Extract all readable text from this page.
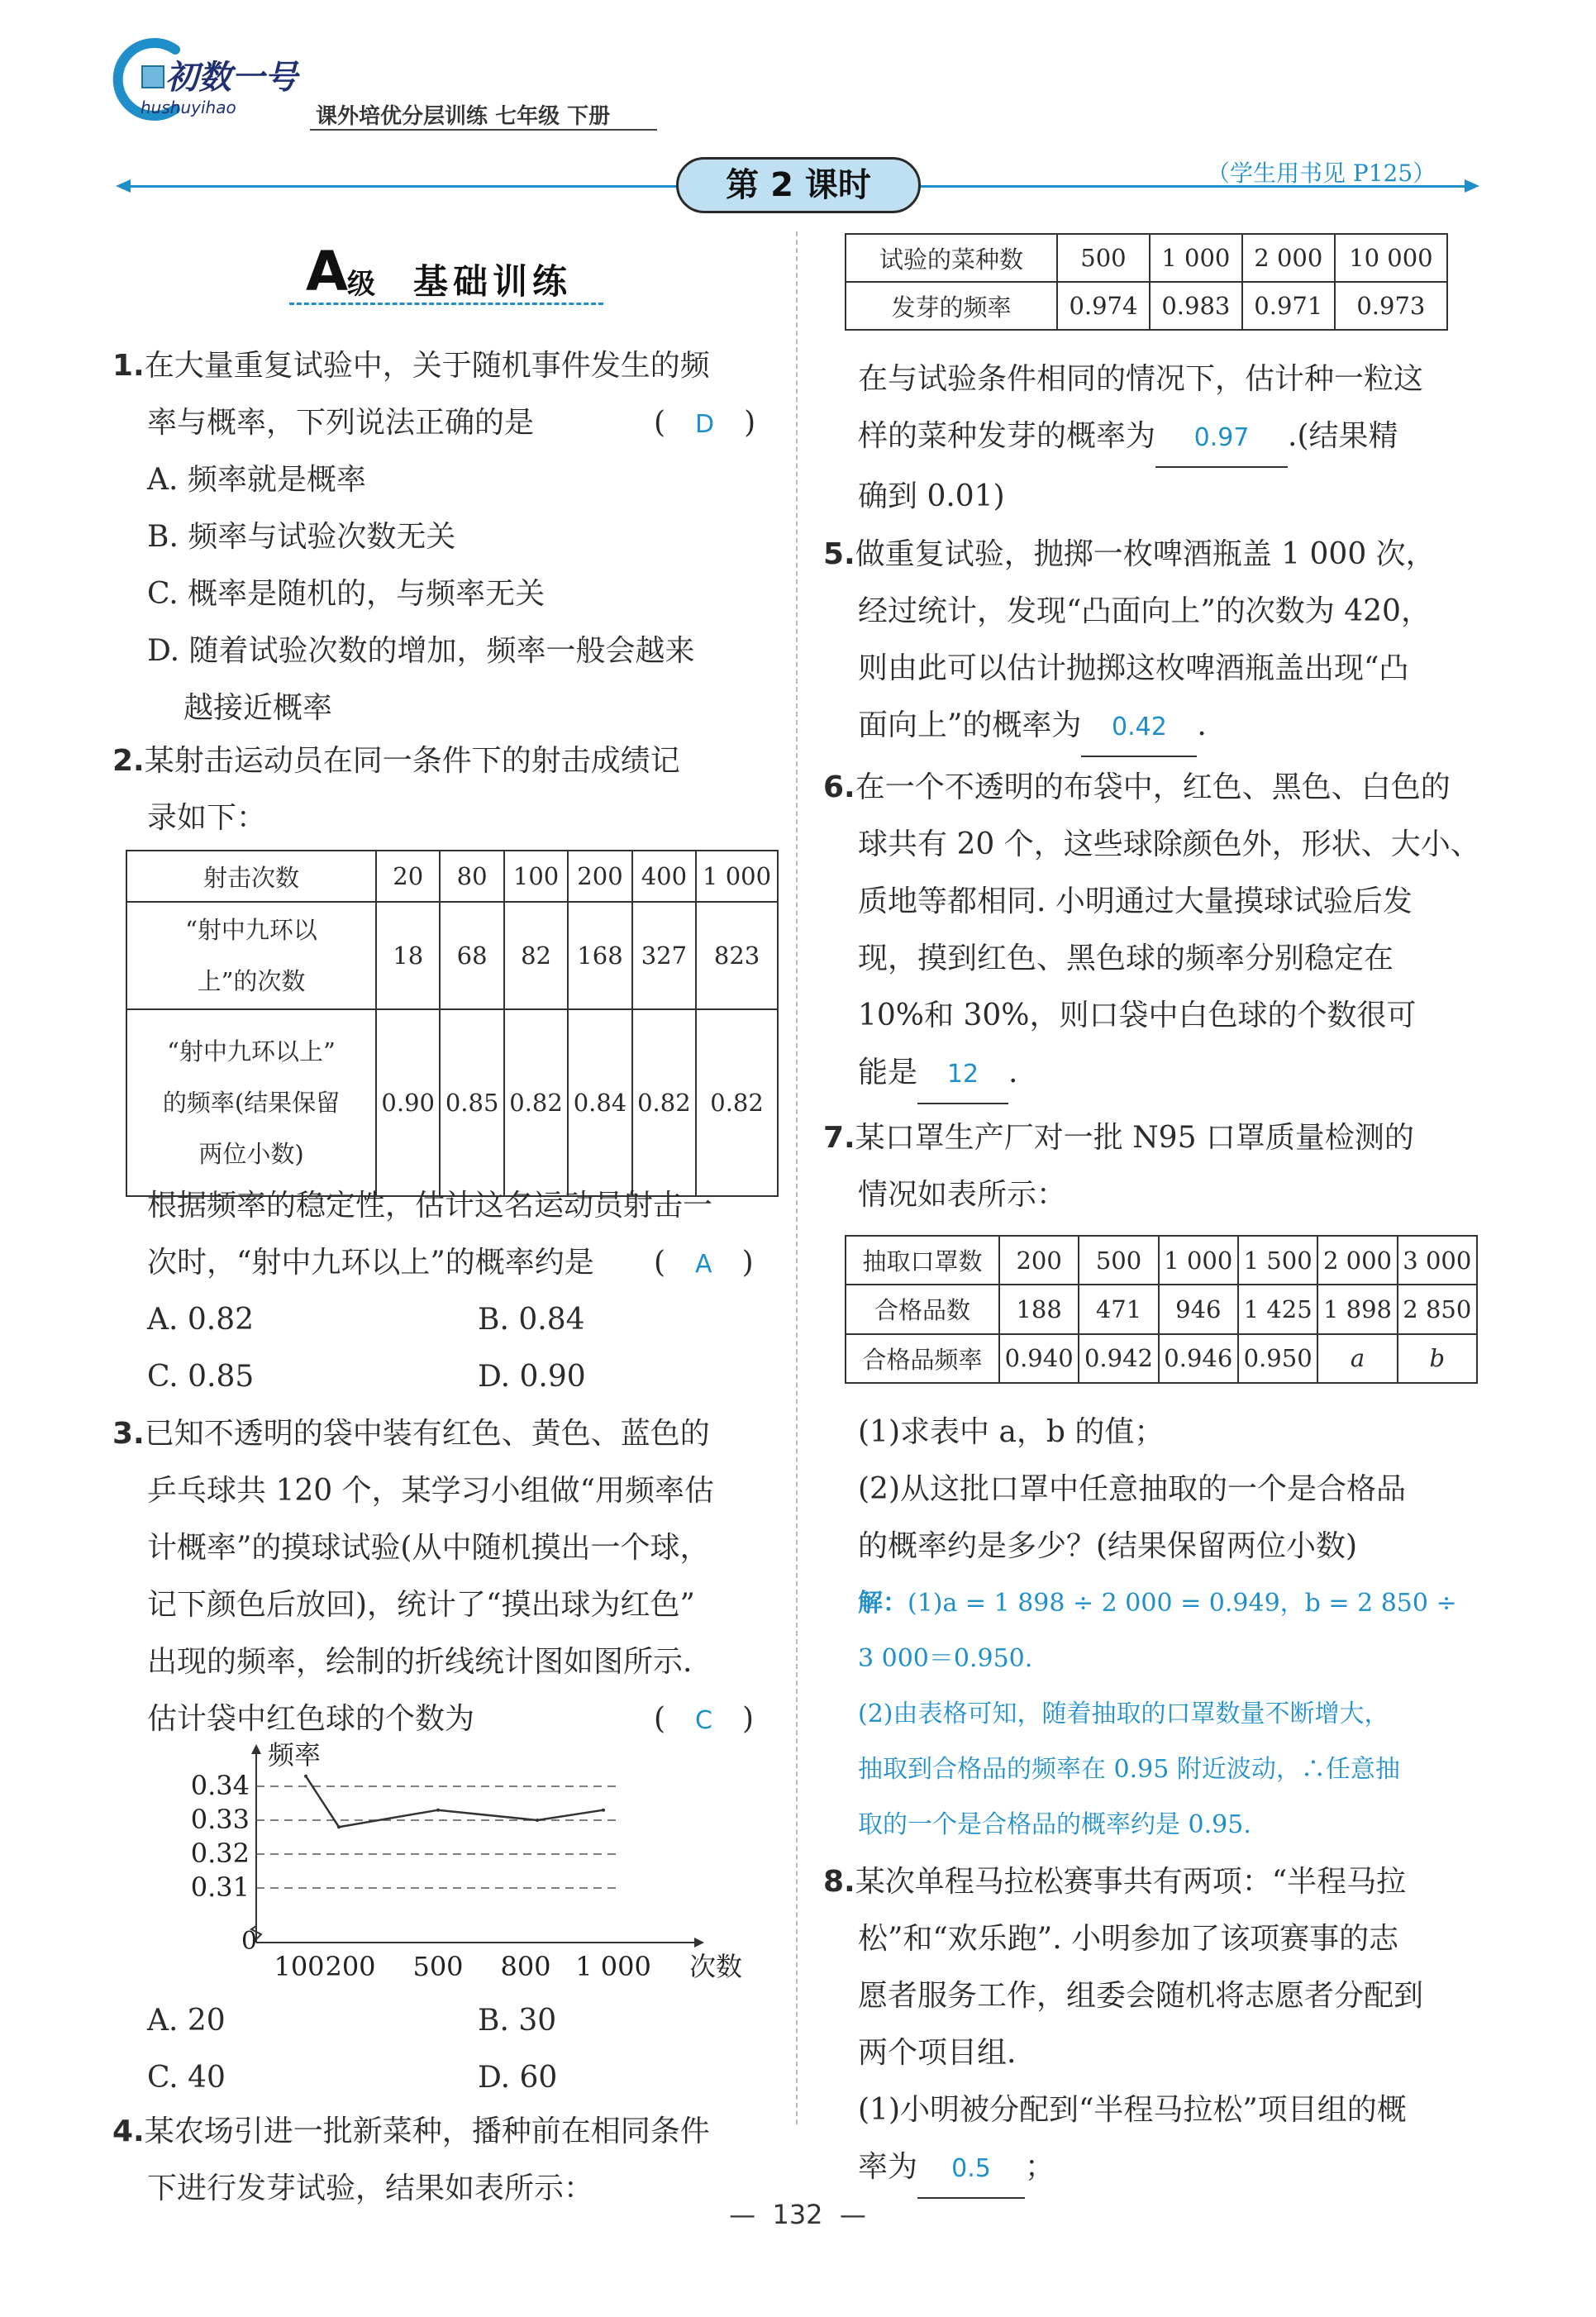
初数一号
hushuyihao	课外培优分层训练 七年级 下册
第 2 课时	（学生用书见 P125）
A
级 基础训练
1.在大量重复试验中，关于随机事件发生的频
率与概率，下列说法正确的是	(　D　)
A. 频率就是概率
B. 频率与试验次数无关
C. 概率是随机的，与频率无关
D. 随着试验次数的增加，频率一般会越来
越接近概率
2.某射击运动员在同一条件下的射击成绩记
录如下：
射击次数	20	80	100	200	400	1 000

“射中九环以
上”的次数	18	68	82	168	327	823

“射中九环以上”
的频率(结果保留
两位小数)	0.90	0.85	0.82	0.84	0.82	0.82
根据频率的稳定性，估计这名运动员射击一
次时，“射中九环以上”的概率约是 (　A　)
A. 0.82	B. 0.84
C. 0.85	D. 0.90
3.已知不透明的袋中装有红色、黄色、蓝色的
乒乓球共 120 个，某学习小组做“用频率估
计概率”的摸球试验(从中随机摸出一个球，
记下颜色后放回)，统计了“摸出球为红色”
出现的频率，绘制的折线统计图如图所示.
估计袋中红色球的个数为	(　C　)
0.34
0.33
0.32
0.31
100 200 500 800 1 000
0
频率
次数
A. 20	B. 30
C. 40	D. 60
4.某农场引进一批新菜种，播种前在相同条件
下进行发芽试验，结果如表所示：
试验的菜种数	500	1 000	2 000	10 000
发芽的频率	0.974	0.983	0.971	0.973
在与试验条件相同的情况下，估计种一粒这
样的菜种发芽的概率为 0.97 .(结果精
确到 0.01)
5.做重复试验，抛掷一枚啤酒瓶盖 1 000 次，
经过统计，发现“凸面向上”的次数为 420，
则由此可以估计抛掷这枚啤酒瓶盖出现“凸
面向上”的概率为 0.42 .
6.在一个不透明的布袋中，红色、黑色、白色的
球共有 20 个，这些球除颜色外，形状、大小、
质地等都相同. 小明通过大量摸球试验后发
现，摸到红色、黑色球的频率分别稳定在
10%和 30%，则口袋中白色球的个数很可
能是 12 .
7.某口罩生产厂对一批 N95 口罩质量检测的
情况如表所示：
抽取口罩数	200	500	1 000	1 500	2 000	3 000
合格品数	188	471	946	1 425	1 898	2 850
合格品频率	0.940	0.942	0.946	0.950	a	b
(1)求表中 a，b 的值；
(2)从这批口罩中任意抽取的一个是合格品
的概率约是多少？(结果保留两位小数)
解：(1)a = 1 898 ÷ 2 000 = 0.949，b = 2 850 ÷
3 000＝0.950.
(2)由表格可知，随着抽取的口罩数量不断增大，
抽取到合格品的频率在 0.95 附近波动，∴任意抽
取的一个是合格品的概率约是 0.95.
8.某次单程马拉松赛事共有两项：“半程马拉
松”和“欢乐跑”. 小明参加了该项赛事的志
愿者服务工作，组委会随机将志愿者分配到
两个项目组.
(1)小明被分配到“半程马拉松”项目组的概
率为 0.5 ；
—  132  —
